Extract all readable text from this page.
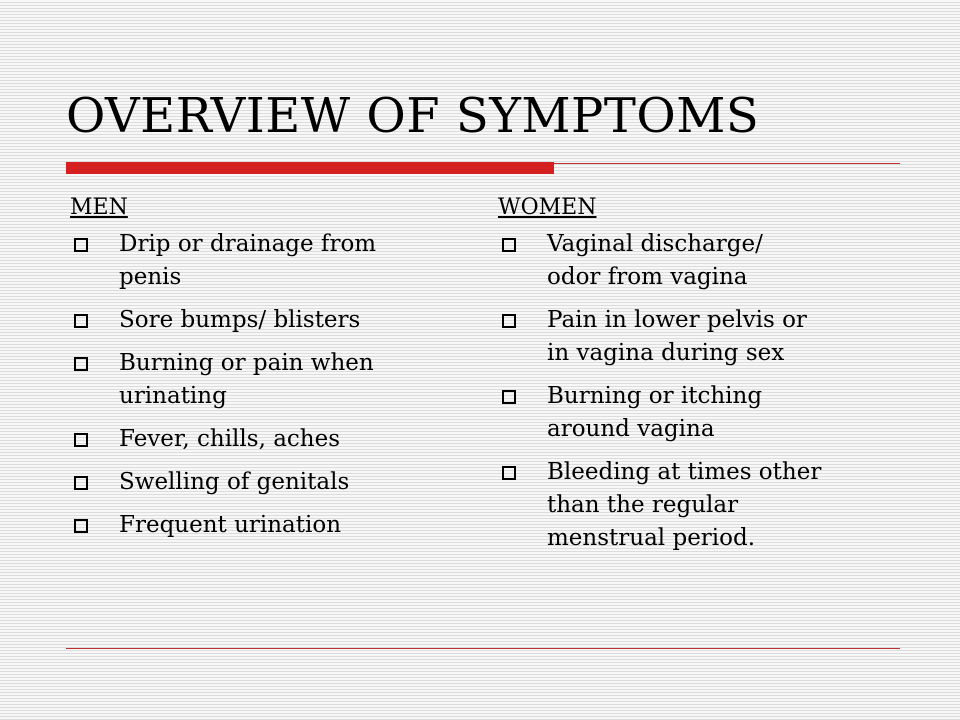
OVERVIEW OF SYMPTOMS
MEN
Drip or drainage from
penis
Sore bumps/ blisters
Burning or pain when
urinating
Fever, chills, aches
Swelling of genitals
Frequent urination
WOMEN
Vaginal discharge/
odor from vagina
Pain in lower pelvis or
in vagina during sex
Burning or itching
around vagina
Bleeding at times other
than the regular
menstrual period.
